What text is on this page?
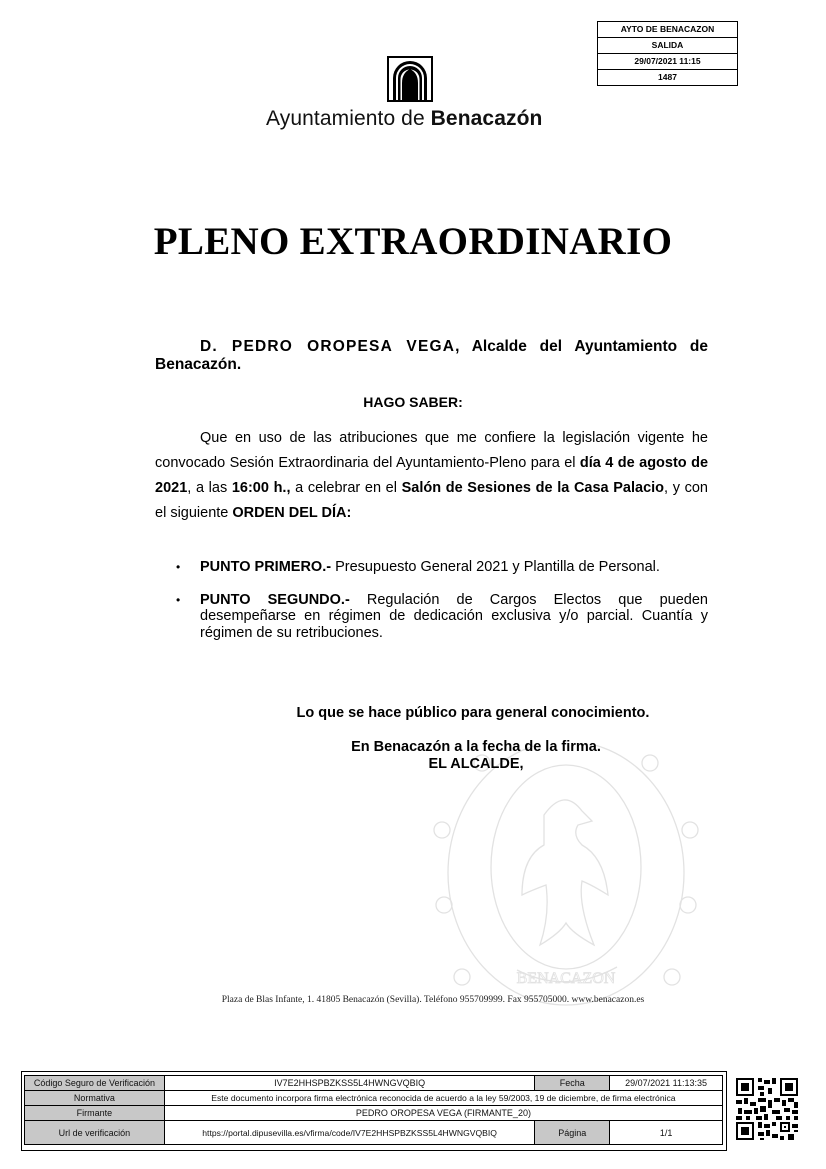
AYTO DE BENACAZON
SALIDA
29/07/2021 11:15
1487
Ayuntamiento de Benacazón
PLENO EXTRAORDINARIO
D. PEDRO OROPESA VEGA, Alcalde del Ayuntamiento de Benacazón.
HAGO SABER:
Que en uso de las atribuciones que me confiere la legislación vigente he convocado Sesión Extraordinaria del Ayuntamiento-Pleno para el día 4 de agosto de 2021, a las 16:00 h., a celebrar en el Salón de Sesiones de la Casa Palacio, y con el siguiente ORDEN DEL DÍA:
• PUNTO PRIMERO.- Presupuesto General 2021 y Plantilla de Personal.
• PUNTO SEGUNDO.- Regulación de Cargos Electos que pueden desempeñarse en régimen de dedicación exclusiva y/o parcial. Cuantía y régimen de su retribuciones.
BENACAZON
Lo que se hace público para general conocimiento.
En Benacazón a la fecha de la firma.
EL ALCALDE,
Plaza de Blas Infante, 1. 41805 Benacazón (Sevilla). Teléfono 955709999. Fax 955705000. www.benacazon.es
Código Seguro de Verificación	IV7E2HHSPBZKSS5L4HWNGVQBIQ	Fecha	29/07/2021 11:13:35
Normativa	Este documento incorpora firma electrónica reconocida de acuerdo a la ley 59/2003, 19 de diciembre, de firma electrónica		
Firmante	PEDRO OROPESA VEGA (FIRMANTE_20)		
Url de verificación	https://portal.dipusevilla.es/vfirma/code/IV7E2HHSPBZKSS5L4HWNGVQBIQ	Página	1/1
